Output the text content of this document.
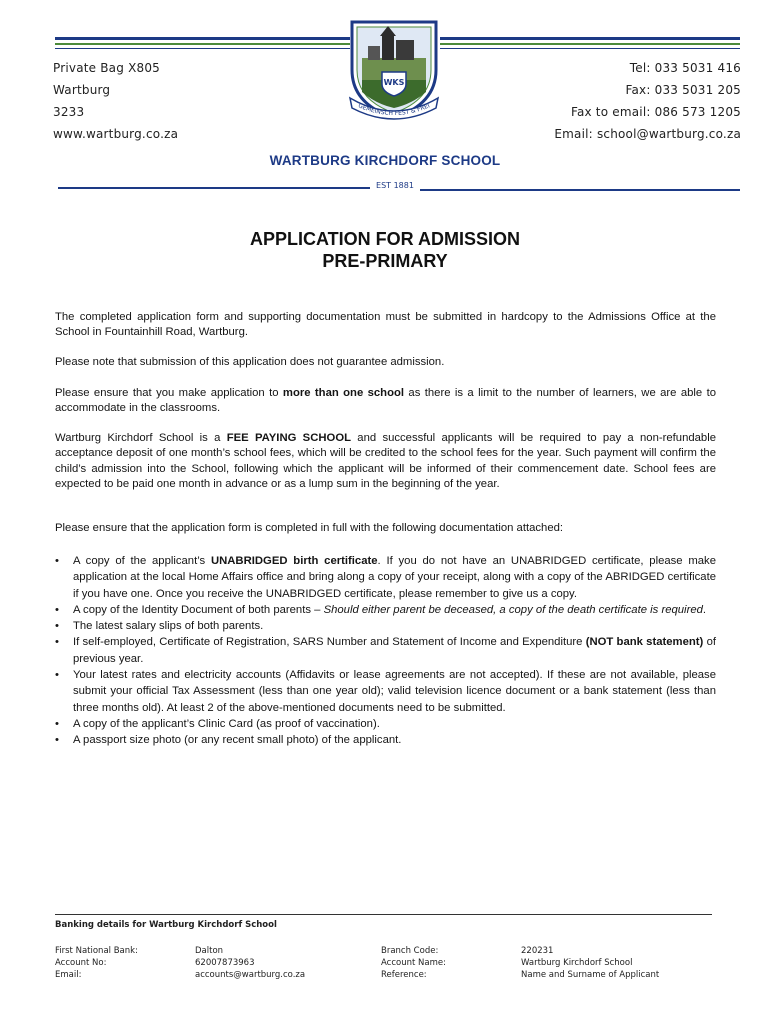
WKS
GEMEINSCH FEST & FREI
Private Bag X805
Wartburg
3233
www.wartburg.co.za
Tel: 033 5031 416
Fax: 033 5031 205
Fax to email: 086 573 1205
Email: school@wartburg.co.za
WARTBURG KIRCHDORF SCHOOL
EST 1881
APPLICATION FOR ADMISSION
PRE-PRIMARY

The completed application form and supporting documentation must be submitted in hardcopy to the Admissions Office at the School in Fountainhill Road, Wartburg.

Please note that submission of this application does not guarantee admission.

Please ensure that you make application to more than one school as there is a limit to the number of learners, we are able to accommodate in the classrooms.

Wartburg Kirchdorf School is a FEE PAYING SCHOOL and successful applicants will be required to pay a non-refundable acceptance deposit of one month’s school fees, which will be credited to the school fees for the year. Such payment will confirm the child’s admission into the School, following which the applicant will be informed of their commencement date. School fees are expected to be paid one month in advance or as a lump sum in the beginning of the year.

Please ensure that the application form is completed in full with the following documentation attached:

• A copy of the applicant’s UNABRIDGED birth certificate. If you do not have an UNABRIDGED certificate, please make application at the local Home Affairs office and bring along a copy of your receipt, along with a copy of the ABRIDGED certificate if you have one. Once you receive the UNABRIDGED certificate, please remember to give us a copy.
• A copy of the Identity Document of both parents – Should either parent be deceased, a copy of the death certificate is required.
• The latest salary slips of both parents.
• If self-employed, Certificate of Registration, SARS Number and Statement of Income and Expenditure (NOT bank statement) of previous year.
• Your latest rates and electricity accounts (Affidavits or lease agreements are not accepted). If these are not available, please submit your official Tax Assessment (less than one year old); valid television licence document or a bank statement (less than three months old). At least 2 of the above-mentioned documents need to be submitted.
• A copy of the applicant’s Clinic Card (as proof of vaccination).
• A passport size photo (or any recent small photo) of the applicant.
Banking details for Wartburg Kirchdorf School
First National Bank:
Account No:
Email:
Dalton
62007873963
accounts@wartburg.co.za
Branch Code:
Account Name:
Reference:
220231
Wartburg Kirchdorf School
Name and Surname of Applicant
